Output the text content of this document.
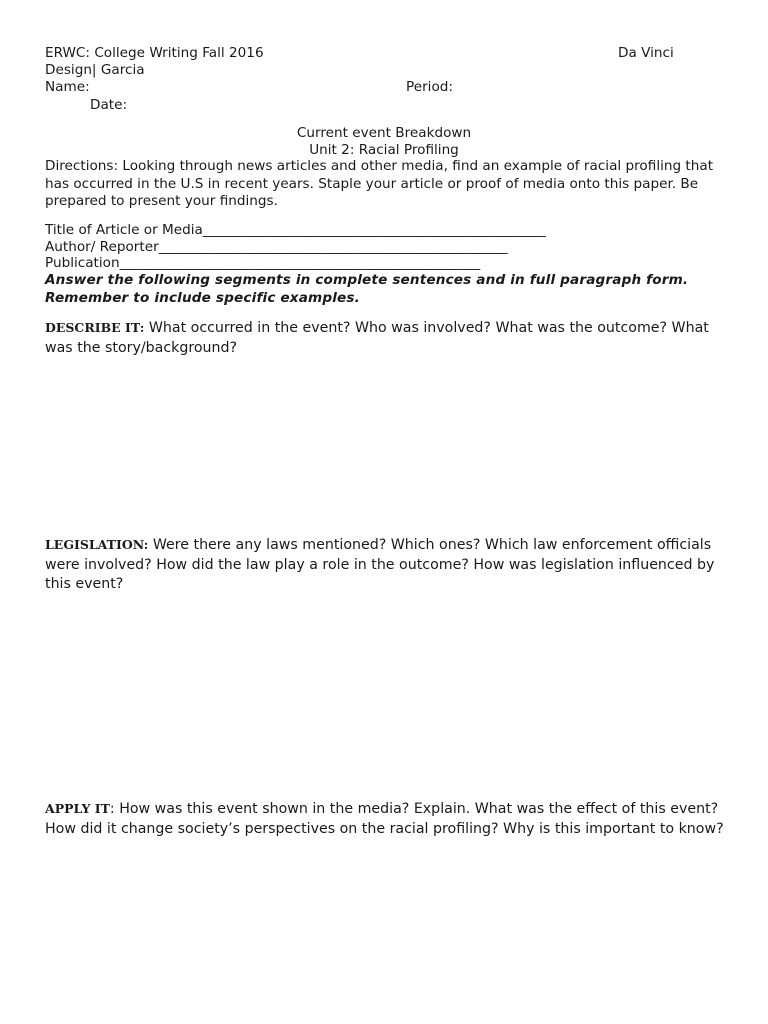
ERWC: College Writing Fall 2016	Da Vinci
Design| Garcia
Name:	Period:
Date:
Current event Breakdown
Unit 2: Racial Profiling
Directions: Looking through news articles and other media, find an example of racial profiling that has occurred in the U.S in recent years. Staple your article or proof of media onto this paper. Be prepared to present your findings.
Title of Article or Media__________________________________________________________
Author/ Reporter___________________________________________________________
Publication_____________________________________________________________
Answer the following segments in complete sentences and in full paragraph form. Remember to include specific examples.
DESCRIBE IT: What occurred in the event? Who was involved? What was the outcome? What was the story/background?
LEGISLATION: Were there any laws mentioned? Which ones? Which law enforcement officials were involved? How did the law play a role in the outcome? How was legislation influenced by this event?
APPLY IT: How was this event shown in the media? Explain. What was the effect of this event? How did it change society’s perspectives on the racial profiling? Why is this important to know?
